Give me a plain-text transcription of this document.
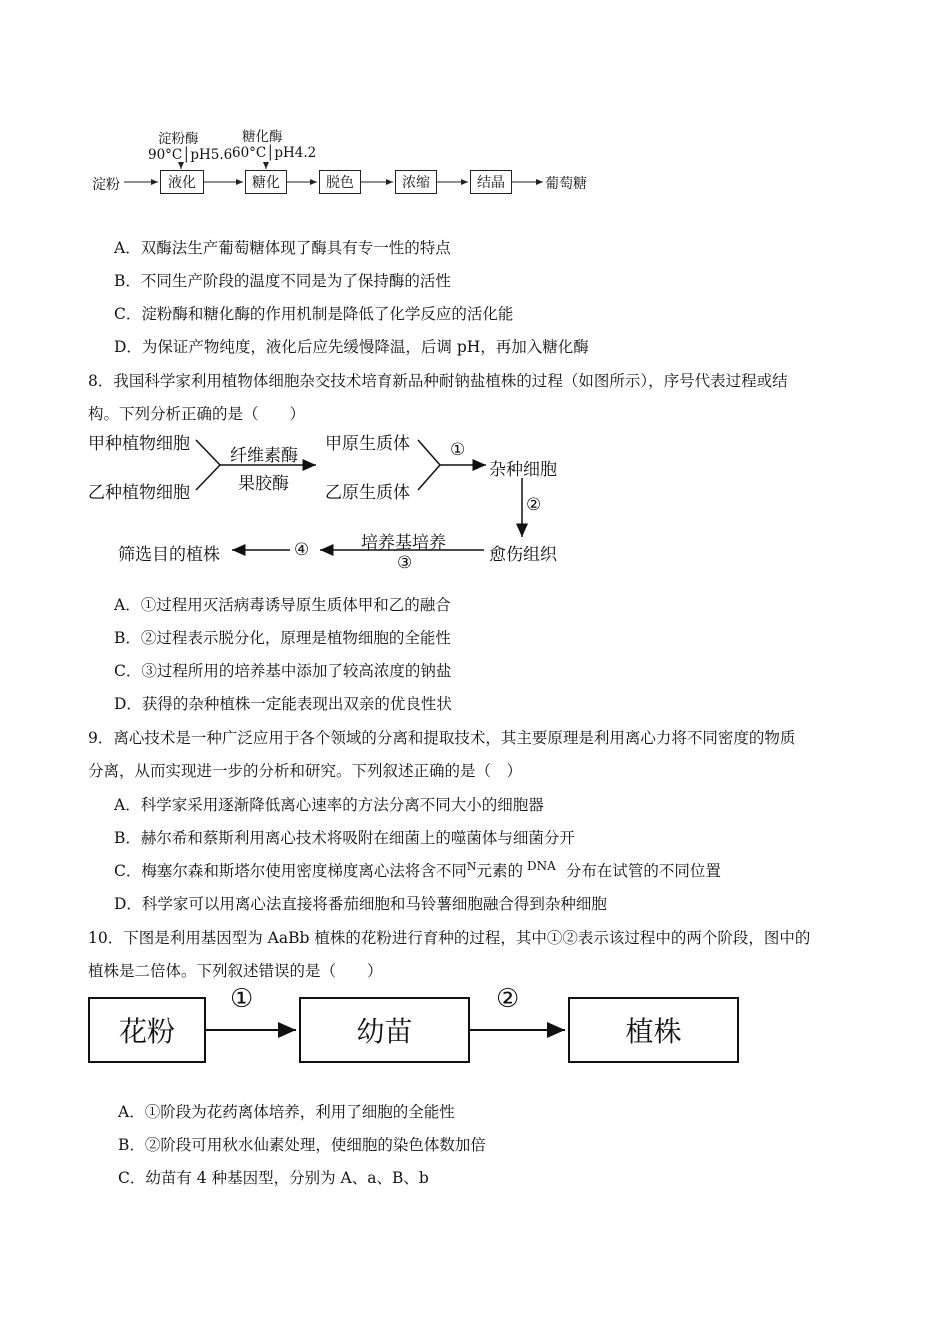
淀粉酶
90°C│pH5.6
糖化酶
60°C│pH4.2
淀粉	液化	糖化	脱色	浓缩	结晶	葡萄糖
A．双酶法生产葡萄糖体现了酶具有专一性的特点
B．不同生产阶段的温度不同是为了保持酶的活性
C．淀粉酶和糖化酶的作用机制是降低了化学反应的活化能
D．为保证产物纯度，液化后应先缓慢降温，后调 pH，再加入糖化酶
8．我国科学家利用植物体细胞杂交技术培育新品种耐钠盐植株的过程（如图所示），序号代表过程或结
构。下列分析正确的是（　　）
甲种植物细胞
乙种植物细胞
纤维素酶
果胶酶
甲原生质体
乙原生质体
①
杂种细胞
②
愈伤组织
培养基培养
③
④
筛选目的植株
A．①过程用灭活病毒诱导原生质体甲和乙的融合
B．②过程表示脱分化，原理是植物细胞的全能性
C．③过程所用的培养基中添加了较高浓度的钠盐
D．获得的杂种植株一定能表现出双亲的优良性状
9．离心技术是一种广泛应用于各个领域的分离和提取技术，其主要原理是利用离心力将不同密度的物质
分离，从而实现进一步的分析和研究。下列叙述正确的是（　）
A．科学家采用逐渐降低离心速率的方法分离不同大小的细胞器
B．赫尔希和蔡斯利用离心技术将吸附在细菌上的噬菌体与细菌分开
C．梅塞尔森和斯塔尔使用密度梯度离心法将含不同$^N$元素的 $^{DNA}$ 分布在试管的不同位置
D．科学家可以用离心法直接将番茄细胞和马铃薯细胞融合得到杂种细胞
10．下图是利用基因型为 AaBb 植株的花粉进行育种的过程，其中①②表示该过程中的两个阶段，图中的
植株是二倍体。下列叙述错误的是（　　）
花粉
①
幼苗
②
植株
A．①阶段为花药离体培养，利用了细胞的全能性
B．②阶段可用秋水仙素处理，使细胞的染色体数加倍
C．幼苗有 4 种基因型，分别为 A、a、B、b
